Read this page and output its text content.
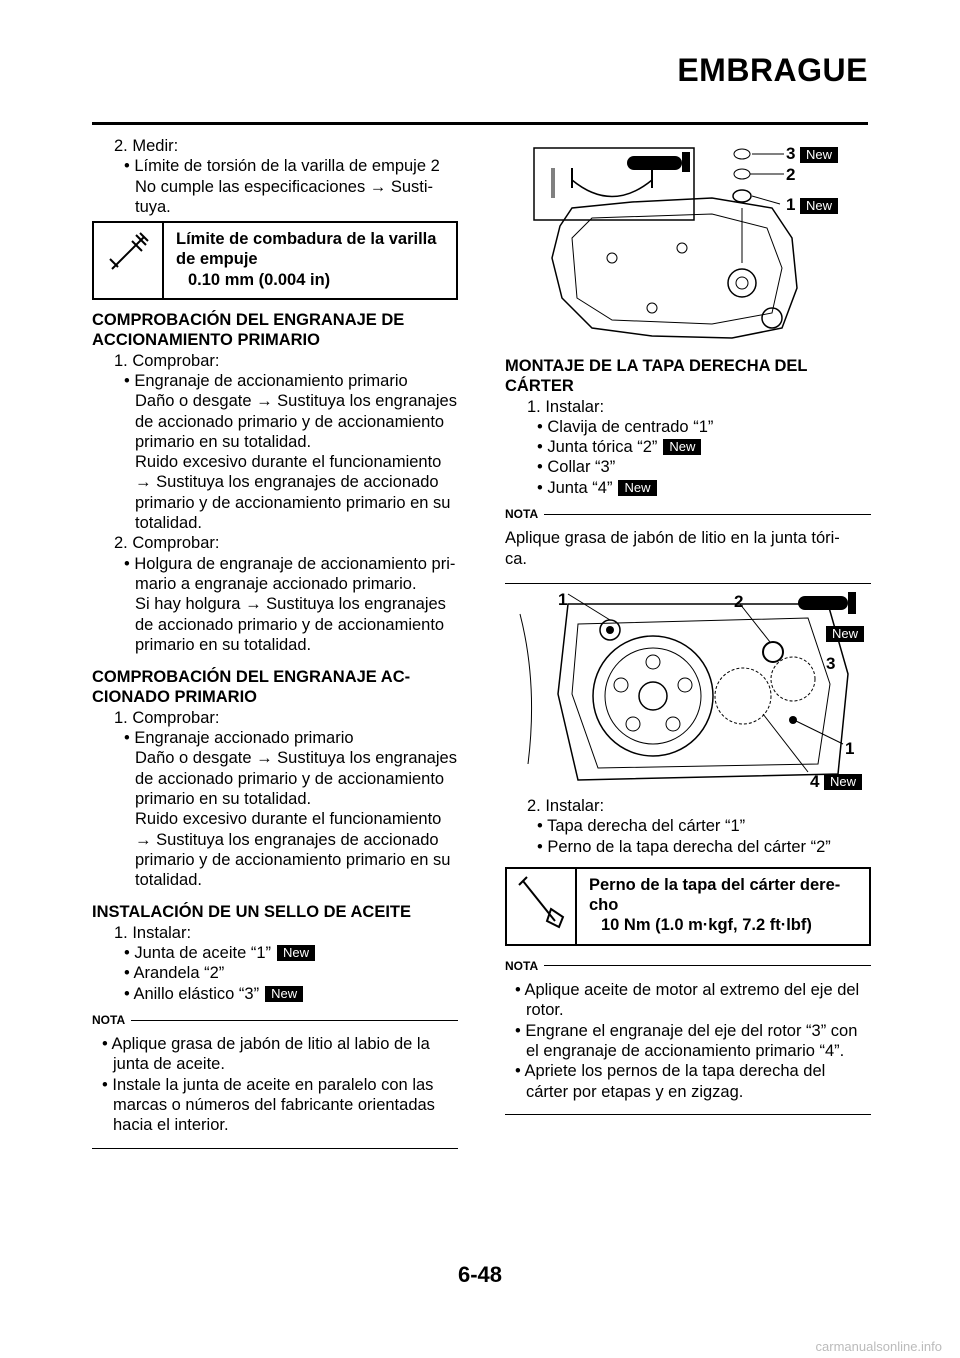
EMBRAGUE

2. Medir:

• Límite de torsión de la varilla de empuje 2

No cumple las especificaciones → Susti-
tuya.

Límite de combadura de la varilla
de empuje
0.10 mm (0.004 in)

COMPROBACIÓN DEL ENGRANAJE DE
ACCIONAMIENTO PRIMARIO

1. Comprobar:

• Engranaje de accionamiento primario

Daño o desgate → Sustituya los engranajes
de accionado primario y de accionamiento
primario en su totalidad.
Ruido excesivo durante el funcionamiento
→ Sustituya los engranajes de accionado
primario y de accionamiento primario en su
totalidad.

2. Comprobar:

• Holgura de engranaje de accionamiento pri-
mario a engranaje accionado primario.

Si hay holgura → Sustituya los engranajes
de accionado primario y de accionamiento
primario en su totalidad.

COMPROBACIÓN DEL ENGRANAJE AC-
CIONADO PRIMARIO

1. Comprobar:

• Engranaje accionado primario

Daño o desgate → Sustituya los engranajes
de accionado primario y de accionamiento
primario en su totalidad.
Ruido excesivo durante el funcionamiento
→ Sustituya los engranajes de accionado
primario y de accionamiento primario en su
totalidad.

INSTALACIÓN DE UN SELLO DE ACEITE

1. Instalar:

• Junta de aceite “1” New

• Arandela “2”

• Anillo elástico “3” New

NOTA

• Aplique grasa de jabón de litio al labio de la
junta de aceite.

• Instale la junta de aceite en paralelo con las
marcas o números del fabricante orientadas
hacia el interior.

3 New
2
1 New

MONTAJE DE LA TAPA DERECHA DEL
CÁRTER

1. Instalar:

• Clavija de centrado “1”

• Junta tórica “2” New

• Collar “3”

• Junta “4” New

NOTA

Aplique grasa de jabón de litio en la junta tóri-
ca.

2. Instalar:

• Tapa derecha del cárter “1”

• Perno de la tapa derecha del cárter “2”

Perno de la tapa del cárter dere-
cho
10 Nm (1.0 m·kgf, 7.2 ft·lbf)
NOTA

• Aplique aceite de motor al extremo del eje del
rotor.

• Engrane el engranaje del eje del rotor “3” con
el engranaje de accionamiento primario “4”.

• Apriete los pernos de la tapa derecha del
cárter por etapas y en zigzag.

1	2
New
3
1
4 New
6-48
carmanualsonline.info
